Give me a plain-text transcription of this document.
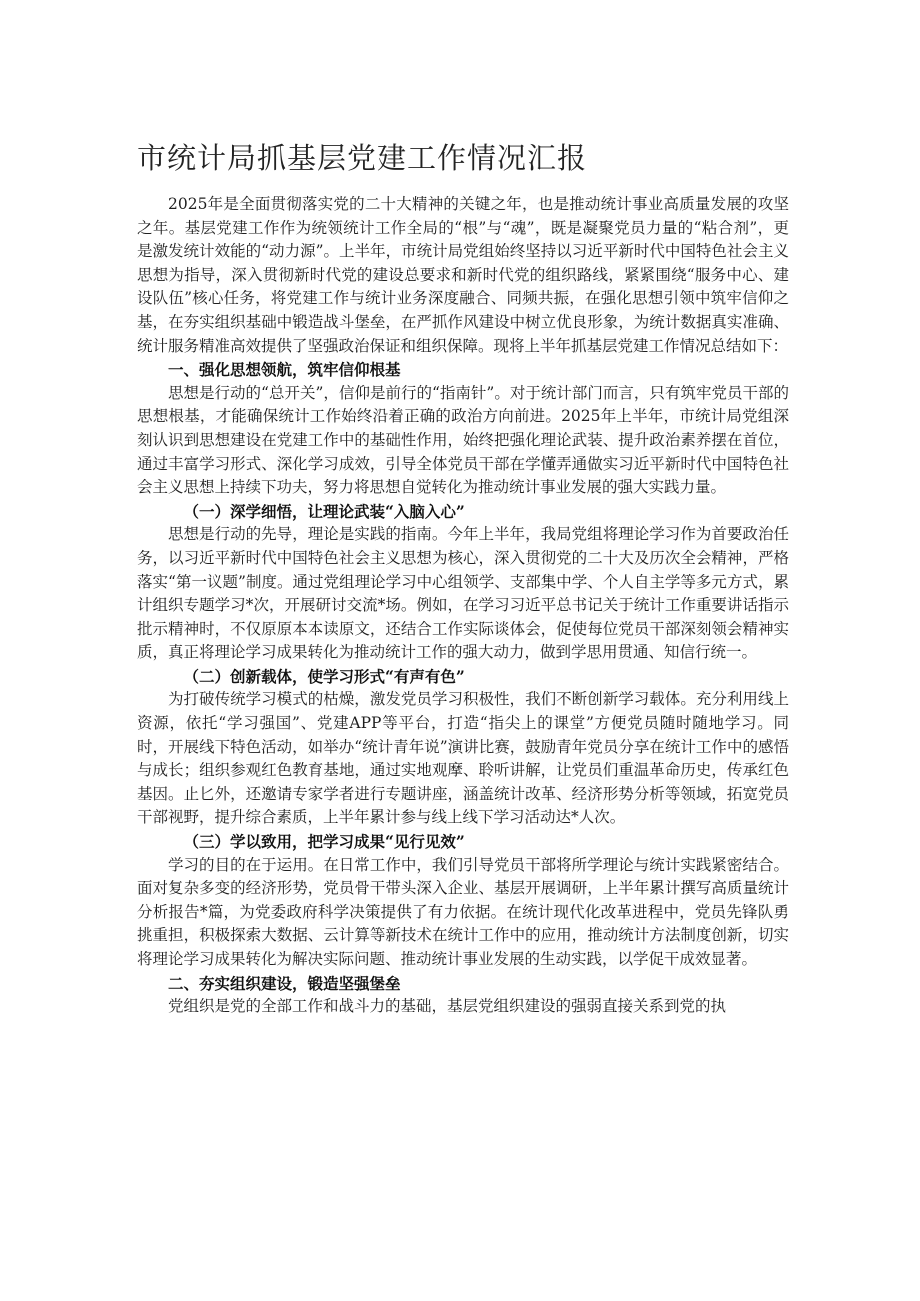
市统计局抓基层党建工作情况汇报

2025年是全面贯彻落实党的二十大精神的关键之年，也是推动统计事业高质量发展的攻坚之年。基层党建工作作为统领统计工作全局的“根”与“魂”，既是凝聚党员力量的“粘合剂”，更是激发统计效能的“动力源”。上半年，市统计局党组始终坚持以习近平新时代中国特色社会主义思想为指导，深入贯彻新时代党的建设总要求和新时代党的组织路线，紧紧围绕“服务中心、建设队伍”核心任务，将党建工作与统计业务深度融合、同频共振，在强化思想引领中筑牢信仰之基，在夯实组织基础中锻造战斗堡垒，在严抓作风建设中树立优良形象，为统计数据真实准确、统计服务精准高效提供了坚强政治保证和组织保障。现将上半年抓基层党建工作情况总结如下：

一、强化思想领航，筑牢信仰根基

思想是行动的“总开关”，信仰是前行的“指南针”。对于统计部门而言，只有筑牢党员干部的思想根基，才能确保统计工作始终沿着正确的政治方向前进。2025年上半年，市统计局党组深刻认识到思想建设在党建工作中的基础性作用，始终把强化理论武装、提升政治素养摆在首位，通过丰富学习形式、深化学习成效，引导全体党员干部在学懂弄通做实习近平新时代中国特色社会主义思想上持续下功夫，努力将思想自觉转化为推动统计事业发展的强大实践力量。

（一）深学细悟，让理论武装“入脑入心”

思想是行动的先导，理论是实践的指南。今年上半年，我局党组将理论学习作为首要政治任务，以习近平新时代中国特色社会主义思想为核心，深入贯彻党的二十大及历次全会精神，严格落实“第一议题”制度。通过党组理论学习中心组领学、支部集中学、个人自主学等多元方式，累计组织专题学习*次，开展研讨交流*场。例如，在学习习近平总书记关于统计工作重要讲话指示批示精神时，不仅原原本本读原文，还结合工作实际谈体会，促使每位党员干部深刻领会精神实质，真正将理论学习成果转化为推动统计工作的强大动力，做到学思用贯通、知信行统一。

（二）创新载体，使学习形式“有声有色”

为打破传统学习模式的枯燥，激发党员学习积极性，我们不断创新学习载体。充分利用线上资源，依托“学习强国”、党建APP等平台，打造“指尖上的课堂”方便党员随时随地学习。同时，开展线下特色活动，如举办“统计青年说”演讲比赛，鼓励青年党员分享在统计工作中的感悟与成长；组织参观红色教育基地，通过实地观摩、聆听讲解，让党员们重温革命历史，传承红色基因。止匕外，还邀请专家学者进行专题讲座，涵盖统计改革、经济形势分析等领域，拓宽党员干部视野，提升综合素质，上半年累计参与线上线下学习活动达*人次。

（三）学以致用，把学习成果“见行见效”

学习的目的在于运用。在日常工作中，我们引导党员干部将所学理论与统计实践紧密结合。面对复杂多变的经济形势，党员骨干带头深入企业、基层开展调研，上半年累计撰写高质量统计分析报告*篇，为党委政府科学决策提供了有力依据。在统计现代化改革进程中，党员先锋队勇挑重担，积极探索大数据、云计算等新技术在统计工作中的应用，推动统计方法制度创新，切实将理论学习成果转化为解决实际问题、推动统计事业发展的生动实践，以学促干成效显著。

二、夯实组织建设，锻造坚强堡垒

党组织是党的全部工作和战斗力的基础，基层党组织建设的强弱直接关系到党的执
